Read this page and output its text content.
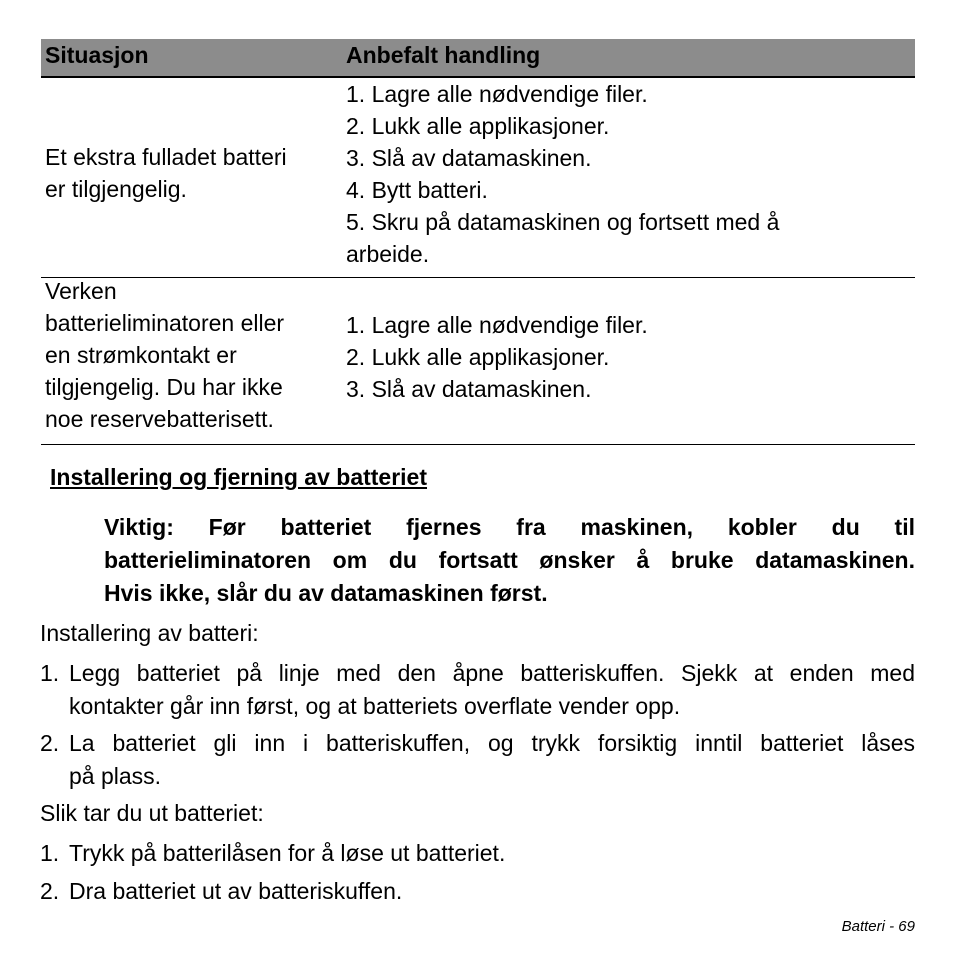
Situasjon	Anbefalt handling
Et ekstra fulladet batteri
er tilgjengelig.
1. Lagre alle nødvendige filer.
2. Lukk alle applikasjoner.
3. Slå av datamaskinen.
4. Bytt batteri.
5. Skru på datamaskinen og fortsett med å
arbeide.
Verken
batterieliminatoren eller
en strømkontakt er
tilgjengelig. Du har ikke
noe reservebatterisett.
1. Lagre alle nødvendige filer.
2. Lukk alle applikasjoner.
3. Slå av datamaskinen.
Installering og fjerning av batteriet
Viktig: Før batteriet fjernes fra maskinen, kobler du til
batterieliminatoren om du fortsatt ønsker å bruke datamaskinen.
Hvis ikke, slår du av datamaskinen først.
Installering av batteri:
1. Legg batteriet på linje med den åpne batteriskuffen. Sjekk at enden med
kontakter går inn først, og at batteriets overflate vender opp.
2. La batteriet gli inn i batteriskuffen, og trykk forsiktig inntil batteriet låses
på plass.
Slik tar du ut batteriet:
1. Trykk på batterilåsen for å løse ut batteriet.
2. Dra batteriet ut av batteriskuffen.
Batteri - 69
